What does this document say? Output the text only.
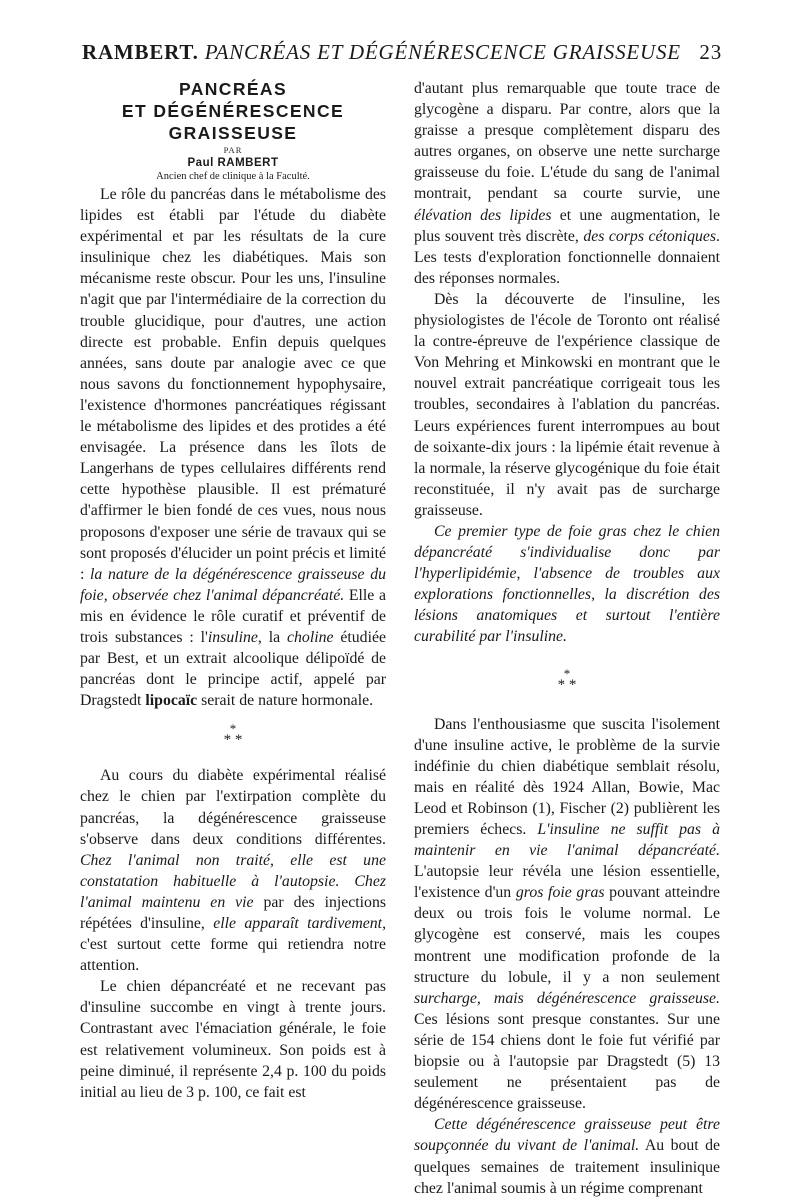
RAMBERT. PANCRÉAS ET DÉGÉNÉRESCENCE GRAISSEUSE 23

PANCRÉAS

ET DÉGÉNÉRESCENCE

GRAISSEUSE

PAR

Paul RAMBERT

Ancien chef de clinique à la Faculté.

Le rôle du pancréas dans le métabolisme des lipides est établi par l'étude du diabète expérimental et par les résultats de la cure insulinique chez les diabétiques. Mais son mécanisme reste obscur. Pour les uns, l'insuline n'agit que par l'intermédiaire de la correction du trouble glucidique, pour d'autres, une action directe est probable. Enfin depuis quelques années, sans doute par analogie avec ce que nous savons du fonctionnement hypophysaire, l'existence d'hormones pancréatiques régissant le métabolisme des lipides et des protides a été envisagée. La présence dans les îlots de Langerhans de types cellulaires différents rend cette hypothèse plausible. Il est prématuré d'affirmer le bien fondé de ces vues, nous nous proposons d'exposer une série de travaux qui se sont proposés d'élucider un point précis et limité : la nature de la dégénérescence graisseuse du foie, observée chez l'animal dépancréaté. Elle a mis en évidence le rôle curatif et préventif de trois substances : l'insuline, la choline étudiée par Best, et un extrait alcoolique délipoïdé de pancréas dont le principe actif, appelé par Dragstedt lipocaïc serait de nature hormonale.

*
* *

Au cours du diabète expérimental réalisé chez le chien par l'extirpation complète du pancréas, la dégénérescence graisseuse s'observe dans deux conditions différentes. Chez l'animal non traité, elle est une constatation habituelle à l'autopsie. Chez l'animal maintenu en vie par des injections répétées d'insuline, elle apparaît tardivement, c'est surtout cette forme qui retiendra notre attention.

Le chien dépancréaté et ne recevant pas d'insuline succombe en vingt à trente jours. Contrastant avec l'émaciation générale, le foie est relativement volumineux. Son poids est à peine diminué, il représente 2,4 p. 100 du poids initial au lieu de 3 p. 100, ce fait est

d'autant plus remarquable que toute trace de glycogène a disparu. Par contre, alors que la graisse a presque complètement disparu des autres organes, on observe une nette surcharge graisseuse du foie. L'étude du sang de l'animal montrait, pendant sa courte survie, une élévation des lipides et une augmentation, le plus souvent très discrète, des corps cétoniques. Les tests d'exploration fonctionnelle donnaient des réponses normales.

Dès la découverte de l'insuline, les physiologistes de l'école de Toronto ont réalisé la contre-épreuve de l'expérience classique de Von Mehring et Minkowski en montrant que le nouvel extrait pancréatique corrigeait tous les troubles, secondaires à l'ablation du pancréas. Leurs expériences furent interrompues au bout de soixante-dix jours : la lipémie était revenue à la normale, la réserve glycogénique du foie était reconstituée, il n'y avait pas de surcharge graisseuse.

Ce premier type de foie gras chez le chien dépancréaté s'individualise donc par l'hyperlipidémie, l'absence de troubles aux explorations fonctionnelles, la discrétion des lésions anatomiques et surtout l'entière curabilité par l'insuline.

*
* *

Dans l'enthousiasme que suscita l'isolement d'une insuline active, le problème de la survie indéfinie du chien diabétique semblait résolu, mais en réalité dès 1924 Allan, Bowie, Mac Leod et Robinson (1), Fischer (2) publièrent les premiers échecs. L'insuline ne suffit pas à maintenir en vie l'animal dépancréaté. L'autopsie leur révéla une lésion essentielle, l'existence d'un gros foie gras pouvant atteindre deux ou trois fois le volume normal. Le glycogène est conservé, mais les coupes montrent une modification profonde de la structure du lobule, il y a non seulement surcharge, mais dégénérescence graisseuse. Ces lésions sont presque constantes. Sur une série de 154 chiens dont le foie fut vérifié par biopsie ou à l'autopsie par Dragstedt (5) 13 seulement ne présentaient pas de dégénérescence graisseuse.

Cette dégénérescence graisseuse peut être soupçonnée du vivant de l'animal. Au bout de quelques semaines de traitement insulinique chez l'animal soumis à un régime comprenant
